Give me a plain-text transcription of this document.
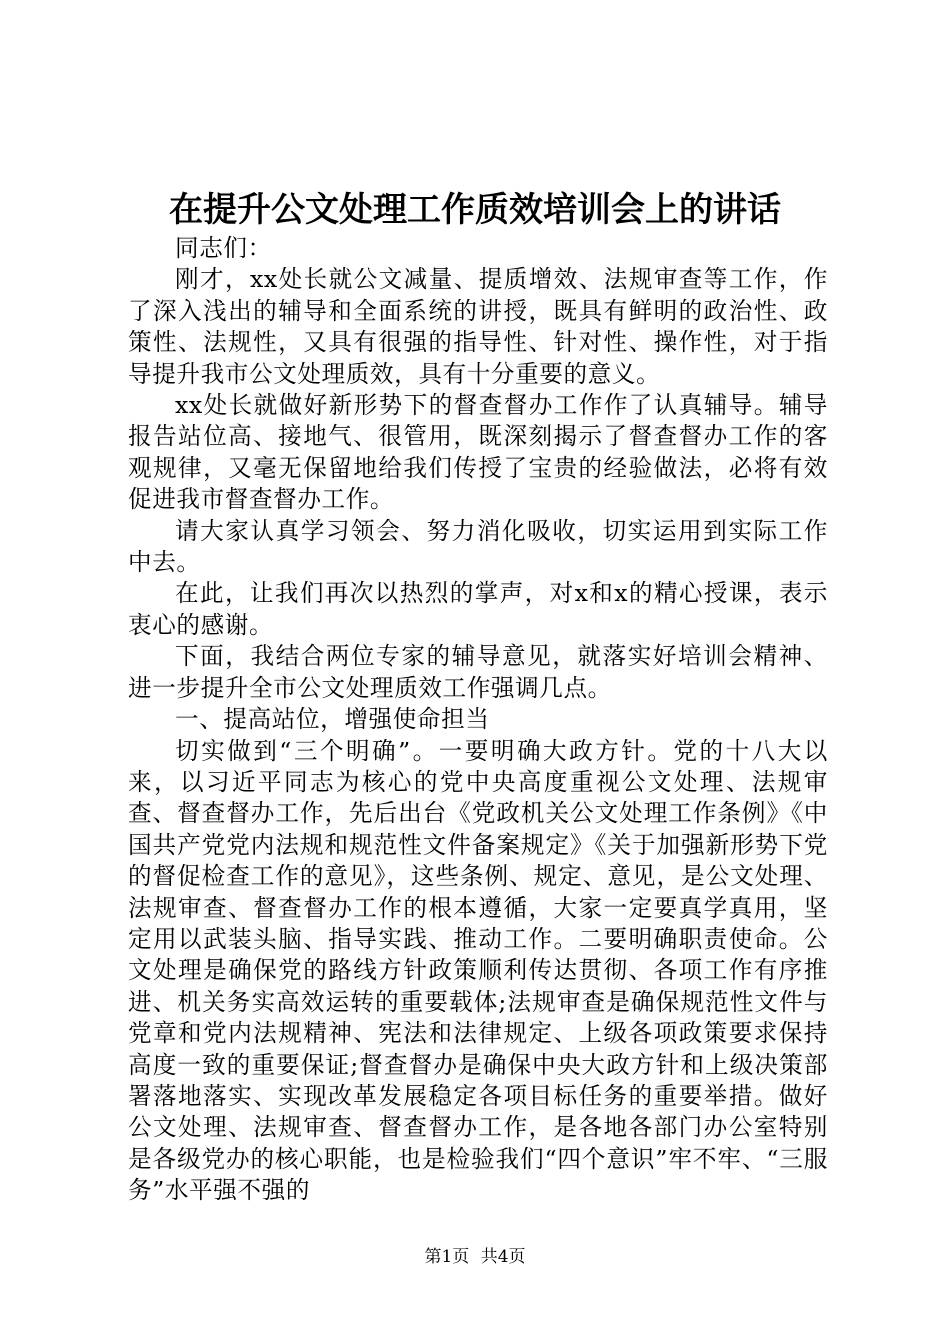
在提升公文处理工作质效培训会上的讲话

同志们：

刚才，xx处长就公文减量、提质增效、法规审查等工作，作了深入浅出的辅导和全面系统的讲授，既具有鲜明的政治性、政策性、法规性，又具有很强的指导性、针对性、操作性，对于指导提升我市公文处理质效，具有十分重要的意义。

xx处长就做好新形势下的督查督办工作作了认真辅导。辅导报告站位高、接地气、很管用，既深刻揭示了督查督办工作的客观规律，又毫无保留地给我们传授了宝贵的经验做法，必将有效促进我市督查督办工作。

请大家认真学习领会、努力消化吸收，切实运用到实际工作中去。

在此，让我们再次以热烈的掌声，对x和x的精心授课，表示衷心的感谢。

下面，我结合两位专家的辅导意见，就落实好培训会精神、进一步提升全市公文处理质效工作强调几点。

一、提高站位，增强使命担当

切实做到“三个明确”。一要明确大政方针。党的十八大以来，以习近平同志为核心的党中央高度重视公文处理、法规审查、督查督办工作，先后出台《党政机关公文处理工作条例》《中国共产党党内法规和规范性文件备案规定》《关于加强新形势下党的督促检查工作的意见》，这些条例、规定、意见，是公文处理、法规审查、督查督办工作的根本遵循，大家一定要真学真用，坚定用以武装头脑、指导实践、推动工作。二要明确职责使命。公文处理是确保党的路线方针政策顺利传达贯彻、各项工作有序推进、机关务实高效运转的重要载体;法规审查是确保规范性文件与党章和党内法规精神、宪法和法律规定、上级各项政策要求保持高度一致的重要保证;督查督办是确保中央大政方针和上级决策部署落地落实、实现改革发展稳定各项目标任务的重要举措。做好公文处理、法规审查、督查督办工作，是各地各部门办公室特别是各级党办的核心职能，也是检验我们“四个意识”牢不牢、“三服务”水平强不强的

第1页 共4页
